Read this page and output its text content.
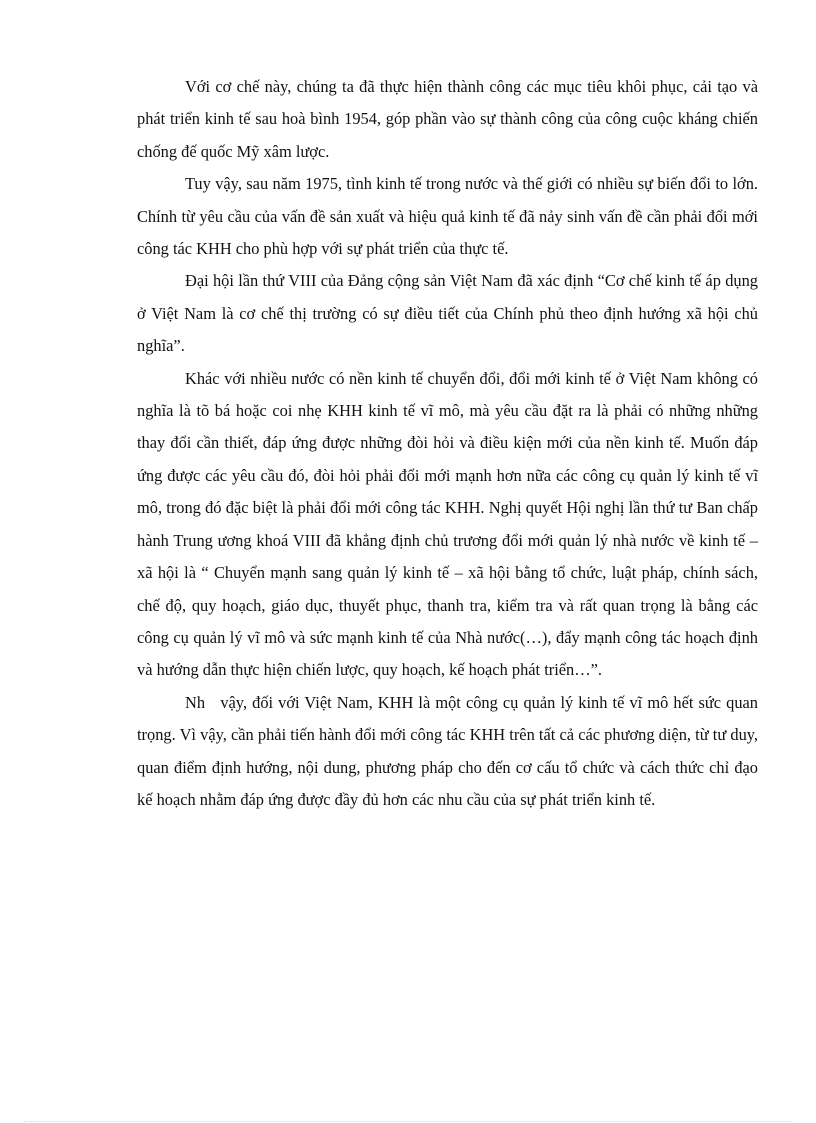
Với cơ chế này, chúng ta đã thực hiện thành công các mục tiêu khôi phục, cải tạo và phát triển kinh tế sau hoà bình 1954, góp phần vào sự thành công của công cuộc kháng chiến chống đế quốc Mỹ xâm lược.

Tuy vậy, sau năm 1975, tình kinh tế trong nước và thế giới có nhiều sự biến đổi to lớn. Chính từ yêu cầu của vấn đề sản xuất và hiệu quả kinh tế đã nảy sinh vấn đề cần phải đổi mới công tác KHH cho phù hợp với sự phát triển của thực tế.

Đại hội lần thứ VIII của Đảng cộng sản Việt Nam đã xác định “Cơ chế kinh tế áp dụng ở Việt Nam là cơ chế thị trường có sự điều tiết của Chính phủ theo định hướng xã hội chủ nghĩa”.

Khác với nhiều nước có nền kinh tế chuyển đổi, đổi mới kinh tế ở Việt Nam không có nghĩa là tõ bá hoặc coi nhẹ KHH kinh tế vĩ mô, mà yêu cầu đặt ra là phải có những những thay đổi cần thiết, đáp ứng được những đòi hỏi và điều kiện mới của nền kinh tế. Muốn đáp ứng được các yêu cầu đó, đòi hỏi phải đổi mới mạnh hơn nữa các công cụ quản lý kinh tế vĩ mô, trong đó đặc biệt là phải đổi mới công tác KHH. Nghị quyết Hội nghị lần thứ tư Ban chấp hành Trung ương khoá VIII đã khẳng định chủ trương đổi mới quản lý nhà nước về kinh tế – xã hội là “ Chuyển mạnh sang quản lý kinh tế – xã hội bằng tổ chức, luật pháp, chính sách, chế độ, quy hoạch, giáo dục, thuyết phục, thanh tra, kiểm tra và rất quan trọng là bằng các công cụ quản lý vĩ mô và sức mạnh kinh tế của Nhà nước(…), đẩy mạnh công tác hoạch định và hướng dẫn thực hiện chiến lược, quy hoạch, kế hoạch phát triển…”.

Nh   vậy, đối với Việt Nam, KHH là một công cụ quản lý kinh tế vĩ mô hết sức quan trọng. Vì vậy, cần phải tiến hành đổi mới công tác KHH trên tất cả các phương diện, từ tư duy, quan điểm định hướng, nội dung, phương pháp cho đến cơ cấu tổ chức và cách thức chỉ đạo kế hoạch nhằm đáp ứng được đầy đủ hơn các nhu cầu của sự phát triển kinh tế.
